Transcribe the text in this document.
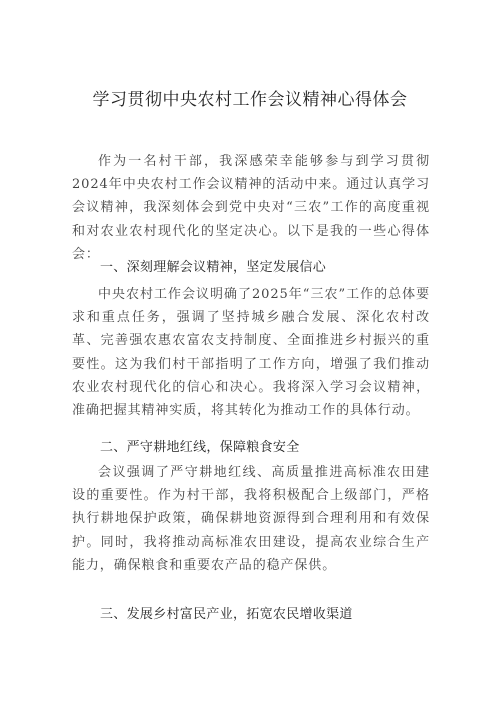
学习贯彻中央农村工作会议精神心得体会

作为一名村干部，我深感荣幸能够参与到学习贯彻2024年中央农村工作会议精神的活动中来。通过认真学习会议精神，我深刻体会到党中央对“三农”工作的高度重视和对农业农村现代化的坚定决心。以下是我的一些心得体会：

一、深刻理解会议精神，坚定发展信心

中央农村工作会议明确了2025年“三农”工作的总体要求和重点任务，强调了坚持城乡融合发展、深化农村改革、完善强农惠农富农支持制度、全面推进乡村振兴的重要性。这为我们村干部指明了工作方向，增强了我们推动农业农村现代化的信心和决心。我将深入学习会议精神，准确把握其精神实质，将其转化为推动工作的具体行动。

二、严守耕地红线，保障粮食安全

会议强调了严守耕地红线、高质量推进高标准农田建设的重要性。作为村干部，我将积极配合上级部门，严格执行耕地保护政策，确保耕地资源得到合理利用和有效保护。同时，我将推动高标准农田建设，提高农业综合生产能力，确保粮食和重要农产品的稳产保供。

三、发展乡村富民产业，拓宽农民增收渠道
